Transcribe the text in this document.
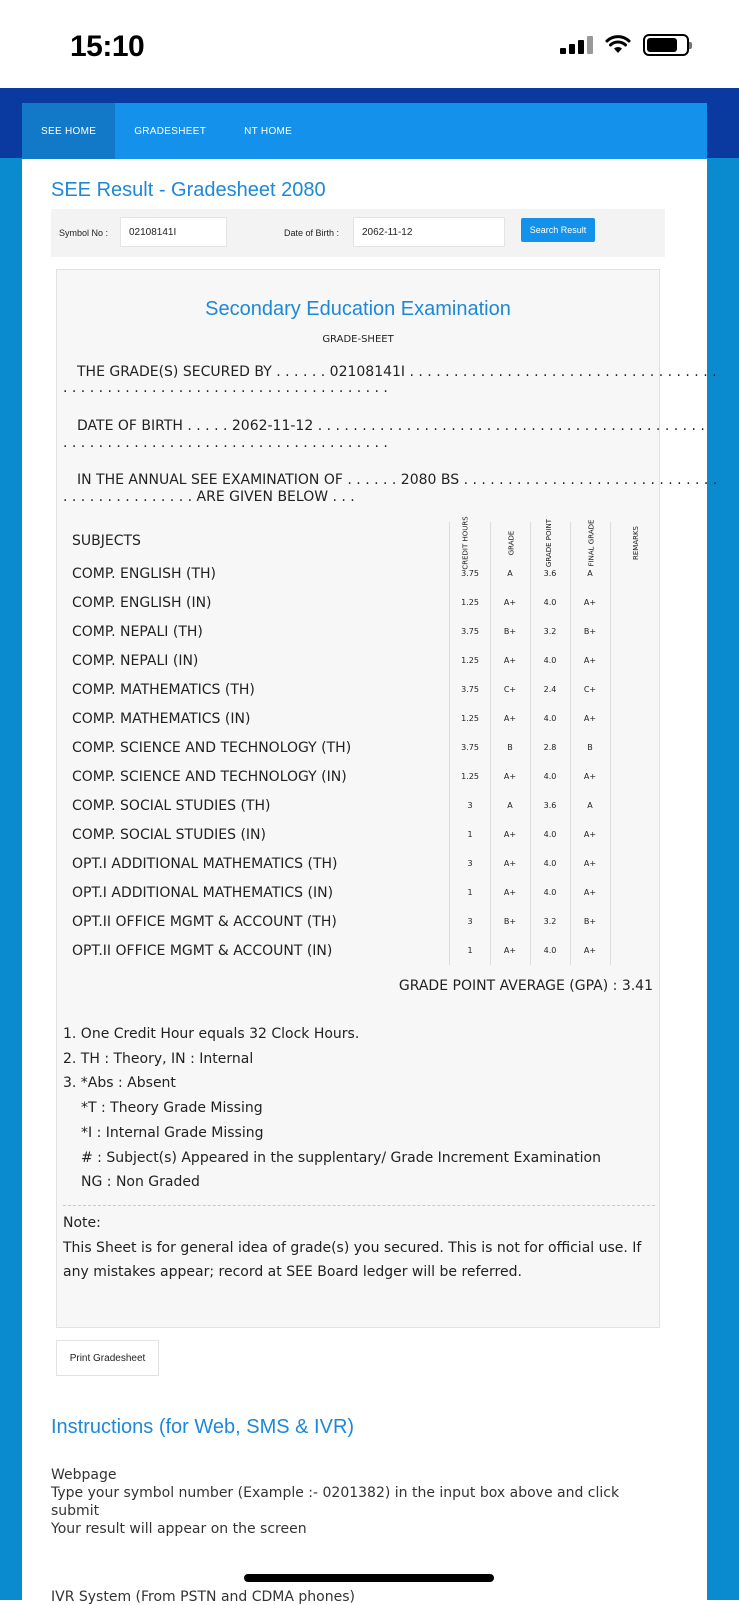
15:10
SEE HOME	GRADESHEET	NT HOME
SEE Result - Gradesheet 2080
Symbol No :	02108141I	Date of Birth :	2062-11-12	Search Result
Secondary Education Examination
GRADE-SHEET
THE GRADE(S) SECURED BY . . . . . . 02108141I . . . . . . . . . . . . . . . . . . . . . . . . . . . . . . . . . . .
. . . . . . . . . . . . . . . . . . . . . . . . . . . . . . . . . . . . .
DATE OF BIRTH . . . . . 2062-11-12 . . . . . . . . . . . . . . . . . . . . . . . . . . . . . . . . . . . . . . . . . . . .
. . . . . . . . . . . . . . . . . . . . . . . . . . . . . . . . . . . . .
IN THE ANNUAL SEE EXAMINATION OF . . . . . . 2080 BS . . . . . . . . . . . . . . . . . . . . . . . . . . . . .
. . . . . . . . . . . . . . . ARE GIVEN BELOW . . .
SUBJECTS	CREDIT HOURS	GRADE	GRADE POINT	FINAL GRADE	REMARKS
COMP. ENGLISH (TH)	3.75	A	3.6	A
COMP. ENGLISH (IN)	1.25	A+	4.0	A+
COMP. NEPALI (TH)	3.75	B+	3.2	B+
COMP. NEPALI (IN)	1.25	A+	4.0	A+
COMP. MATHEMATICS (TH)	3.75	C+	2.4	C+
COMP. MATHEMATICS (IN)	1.25	A+	4.0	A+
COMP. SCIENCE AND TECHNOLOGY (TH)	3.75	B	2.8	B
COMP. SCIENCE AND TECHNOLOGY (IN)	1.25	A+	4.0	A+
COMP. SOCIAL STUDIES (TH)	3	A	3.6	A
COMP. SOCIAL STUDIES (IN)	1	A+	4.0	A+
OPT.I ADDITIONAL MATHEMATICS (TH)	3	A+	4.0	A+
OPT.I ADDITIONAL MATHEMATICS (IN)	1	A+	4.0	A+
OPT.II OFFICE MGMT & ACCOUNT (TH)	3	B+	3.2	B+
OPT.II OFFICE MGMT & ACCOUNT (IN)	1	A+	4.0	A+
GRADE POINT AVERAGE (GPA) : 3.41
1. One Credit Hour equals 32 Clock Hours.
2. TH : Theory, IN : Internal
3. *Abs : Absent
*T : Theory Grade Missing
*I : Internal Grade Missing
# : Subject(s) Appeared in the supplentary/ Grade Increment Examination
NG : Non Graded
Note:
This Sheet is for general idea of grade(s) you secured. This is not for official use. If any mistakes appear; record at SEE Board ledger will be referred.
Print Gradesheet
Instructions (for Web, SMS & IVR)
Webpage
Type your symbol number (Example :- 0201382) in the input box above and click submit
Your result will appear on the screen
IVR System (From PSTN and CDMA phones)
